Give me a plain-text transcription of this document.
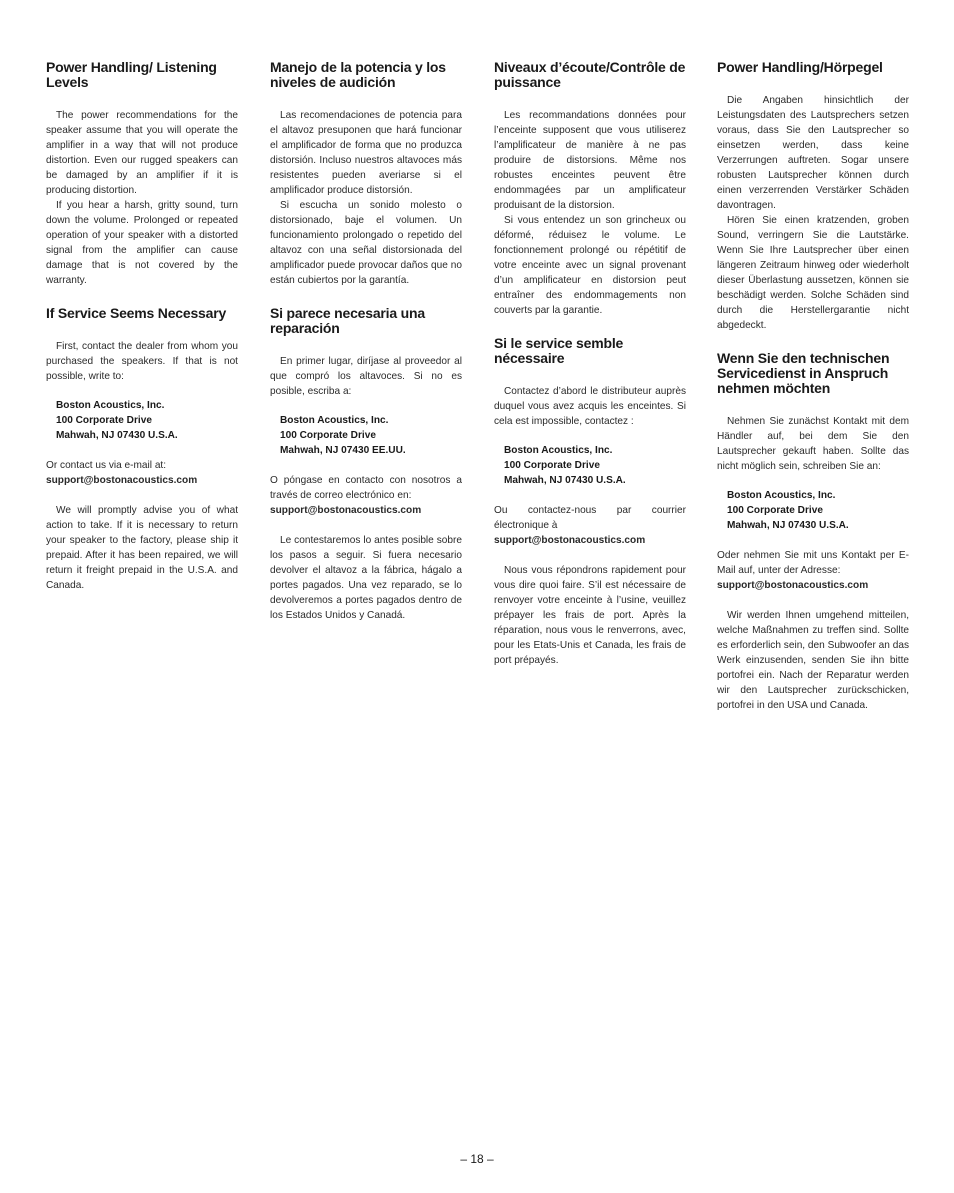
Power Handling/ Listening Levels

The power recommendations for the speaker assume that you will operate the amplifier in a way that will not produce distortion. Even our rugged speakers can be damaged by an amplifier if it is producing distortion.

If you hear a harsh, gritty sound, turn down the volume. Prolonged or repeated operation of your speaker with a distorted signal from the amplifier can cause damage that is not covered by the warranty.

If Service Seems Necessary

First, contact the dealer from whom you purchased the speakers. If that is not possible, write to:

Boston Acoustics, Inc.
100 Corporate Drive
Mahwah, NJ 07430 U.S.A.

Or contact us via e-mail at:

support@bostonacoustics.com

We will promptly advise you of what action to take. If it is necessary to return your speaker to the factory, please ship it prepaid. After it has been repaired, we will return it freight prepaid in the U.S.A. and Canada.

Manejo de la potencia y los niveles de audición

Las recomendaciones de potencia para el altavoz presuponen que hará funcionar el amplificador de forma que no produzca distorsión. Incluso nuestros altavoces más resistentes pueden averiarse si el amplificador produce distorsión.

Si escucha un sonido molesto o distorsionado, baje el volumen. Un funcionamiento prolongado o repetido del altavoz con una señal distorsionada del amplificador puede provocar daños que no están cubiertos por la garantía.

Si parece necesaria una reparación

En primer lugar, diríjase al proveedor al que compró los altavoces. Si no es posible, escriba a:

Boston Acoustics, Inc.
100 Corporate Drive
Mahwah, NJ 07430 EE.UU.

O póngase en contacto con nosotros a través de correo electrónico en:

support@bostonacoustics.com

Le contestaremos lo antes posible sobre los pasos a seguir. Si fuera necesario devolver el altavoz a la fábrica, hágalo a portes pagados. Una vez reparado, se lo devolveremos a portes pagados dentro de los Estados Unidos y Canadá.

Niveaux d’écoute/Contrôle de puissance

Les recommandations données pour l’enceinte supposent que vous utiliserez l’amplificateur de manière à ne pas produire de distorsions. Même nos robustes enceintes peuvent être endommagées par un amplificateur produisant de la distorsion.

Si vous entendez un son grincheux ou déformé, réduisez le volume. Le fonctionnement prolongé ou répétitif de votre enceinte avec un signal provenant d’un amplificateur en distorsion peut entraîner des endommagements non couverts par la garantie.

Si le service semble nécessaire

Contactez d’abord le distributeur auprès duquel vous avez acquis les enceintes. Si cela est impossible, contactez :

Boston Acoustics, Inc.
100 Corporate Drive
Mahwah, NJ 07430 U.S.A.

Ou contactez-nous par courrier électronique à

support@bostonacoustics.com

Nous vous répondrons rapidement pour vous dire quoi faire. S’il est nécessaire de renvoyer votre enceinte à l’usine, veuillez prépayer les frais de port. Après la réparation, nous vous le renverrons, avec, pour les Etats-Unis et Canada, les frais de port prépayés.

Power Handling/Hörpegel

Die Angaben hinsichtlich der Leistungsdaten des Lautsprechers setzen voraus, dass Sie den Lautsprecher so einsetzen werden, dass keine Verzerrungen auftreten. Sogar unsere robusten Lautsprecher können durch einen verzerrenden Verstärker Schäden davontragen.

Hören Sie einen kratzenden, groben Sound, verringern Sie die Lautstärke. Wenn Sie Ihre Lautsprecher über einen längeren Zeitraum hinweg oder wiederholt dieser Überlastung aussetzen, können sie beschädigt werden. Solche Schäden sind durch die Herstellergarantie nicht abgedeckt.

Wenn Sie den technischen Servicedienst in Anspruch nehmen möchten

Nehmen Sie zunächst Kontakt mit dem Händler auf, bei dem Sie den Lautsprecher gekauft haben. Sollte das nicht möglich sein, schreiben Sie an:

Boston Acoustics, Inc.
100 Corporate Drive
Mahwah, NJ 07430 U.S.A.

Oder nehmen Sie mit uns Kontakt per E-Mail auf, unter der Adresse:

support@bostonacoustics.com

Wir werden Ihnen umgehend mitteilen, welche Maßnahmen zu treffen sind. Sollte es erforderlich sein, den Subwoofer an das Werk einzusenden, senden Sie ihn bitte portofrei ein. Nach der Reparatur werden wir den Lautsprecher zurückschicken, portofrei in den USA und Canada.

– 18 –
